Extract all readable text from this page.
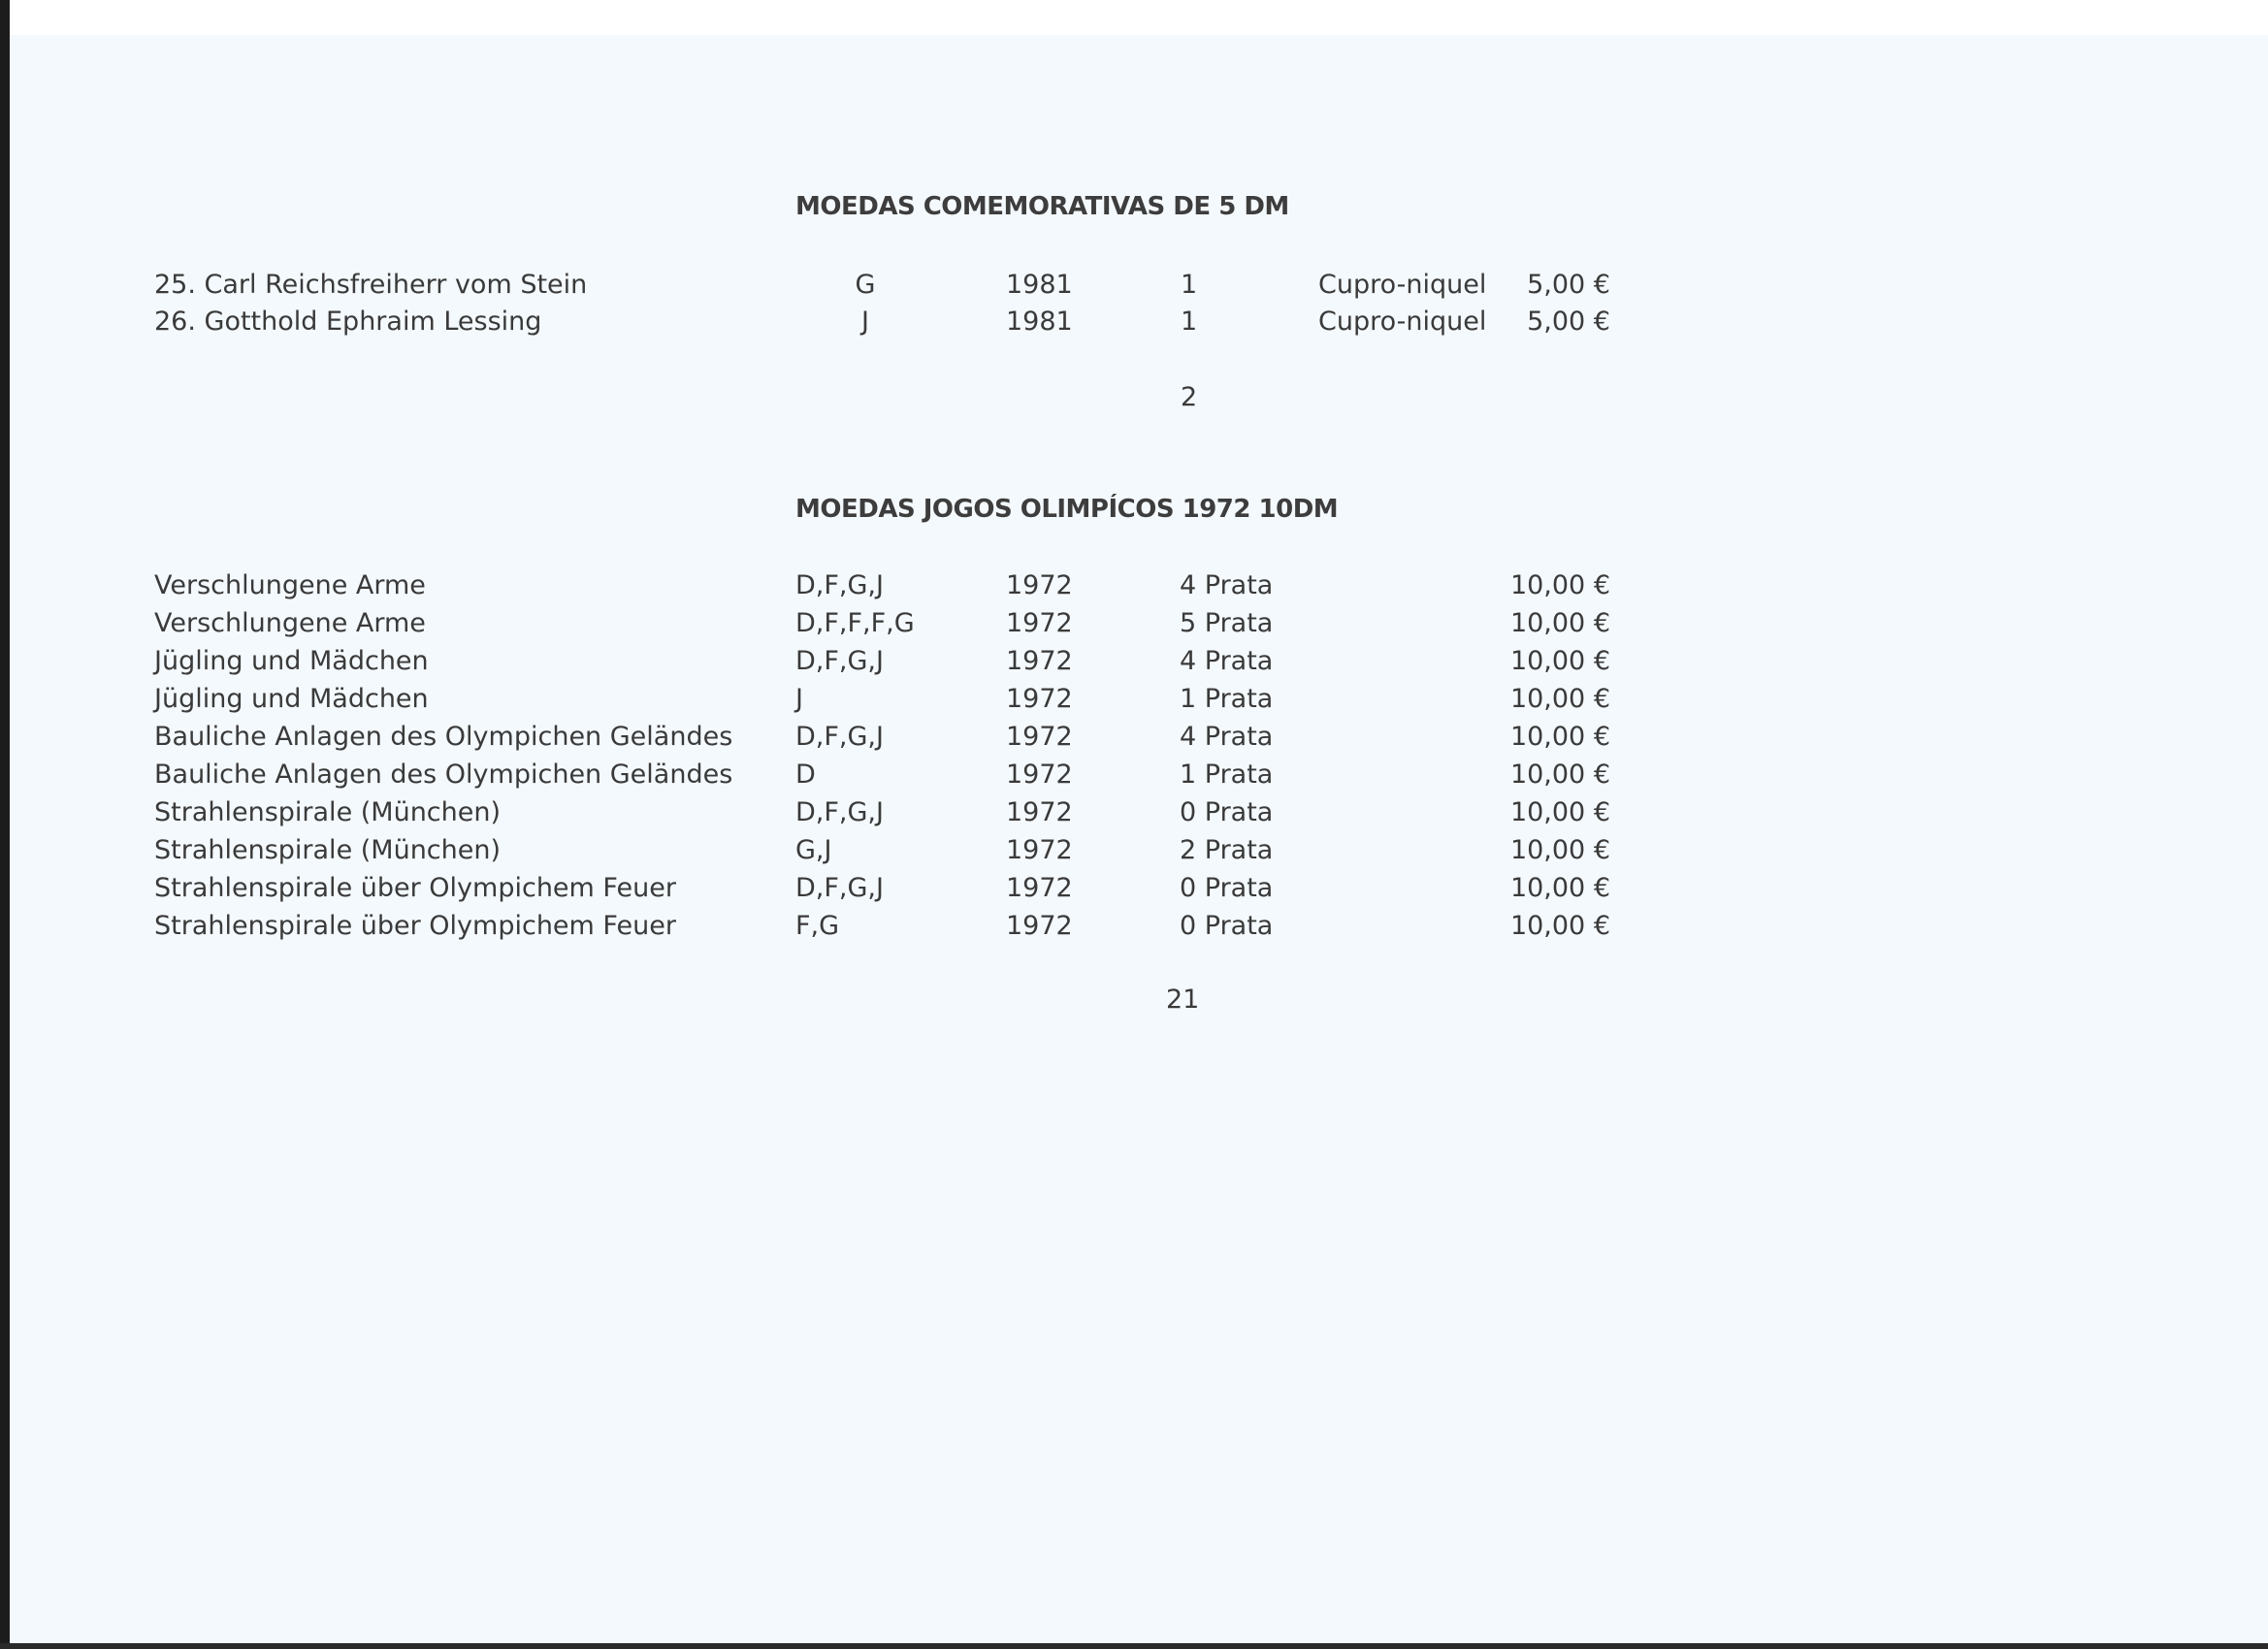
MOEDAS COMEMORATIVAS DE 5 DM
25. Carl Reichsfreiherr vom Stein	G	1981	1	Cupro-niquel	5,00 €
26. Gotthold Ephraim Lessing	J	1981	1	Cupro-niquel	5,00 €
2
MOEDAS JOGOS OLIMPÍCOS 1972 10DM
Verschlungene Arme	D,F,G,J	1972	4 Prata	10,00 €
Verschlungene Arme	D,F,F,F,G	1972	5 Prata	10,00 €
Jügling und Mädchen	D,F,G,J	1972	4 Prata	10,00 €
Jügling und Mädchen	J	1972	1 Prata	10,00 €
Bauliche Anlagen des Olympichen Geländes D,F,G,J	1972	4 Prata	10,00 €
Bauliche Anlagen des Olympichen Geländes D	1972	1 Prata	10,00 €
Strahlenspirale (München)	D,F,G,J	1972	0 Prata	10,00 €
Strahlenspirale (München)	G,J	1972	2 Prata	10,00 €
Strahlenspirale über Olympichem Feuer	D,F,G,J	1972	0 Prata	10,00 €
Strahlenspirale über Olympichem Feuer	F,G	1972	0 Prata	10,00 €
21
